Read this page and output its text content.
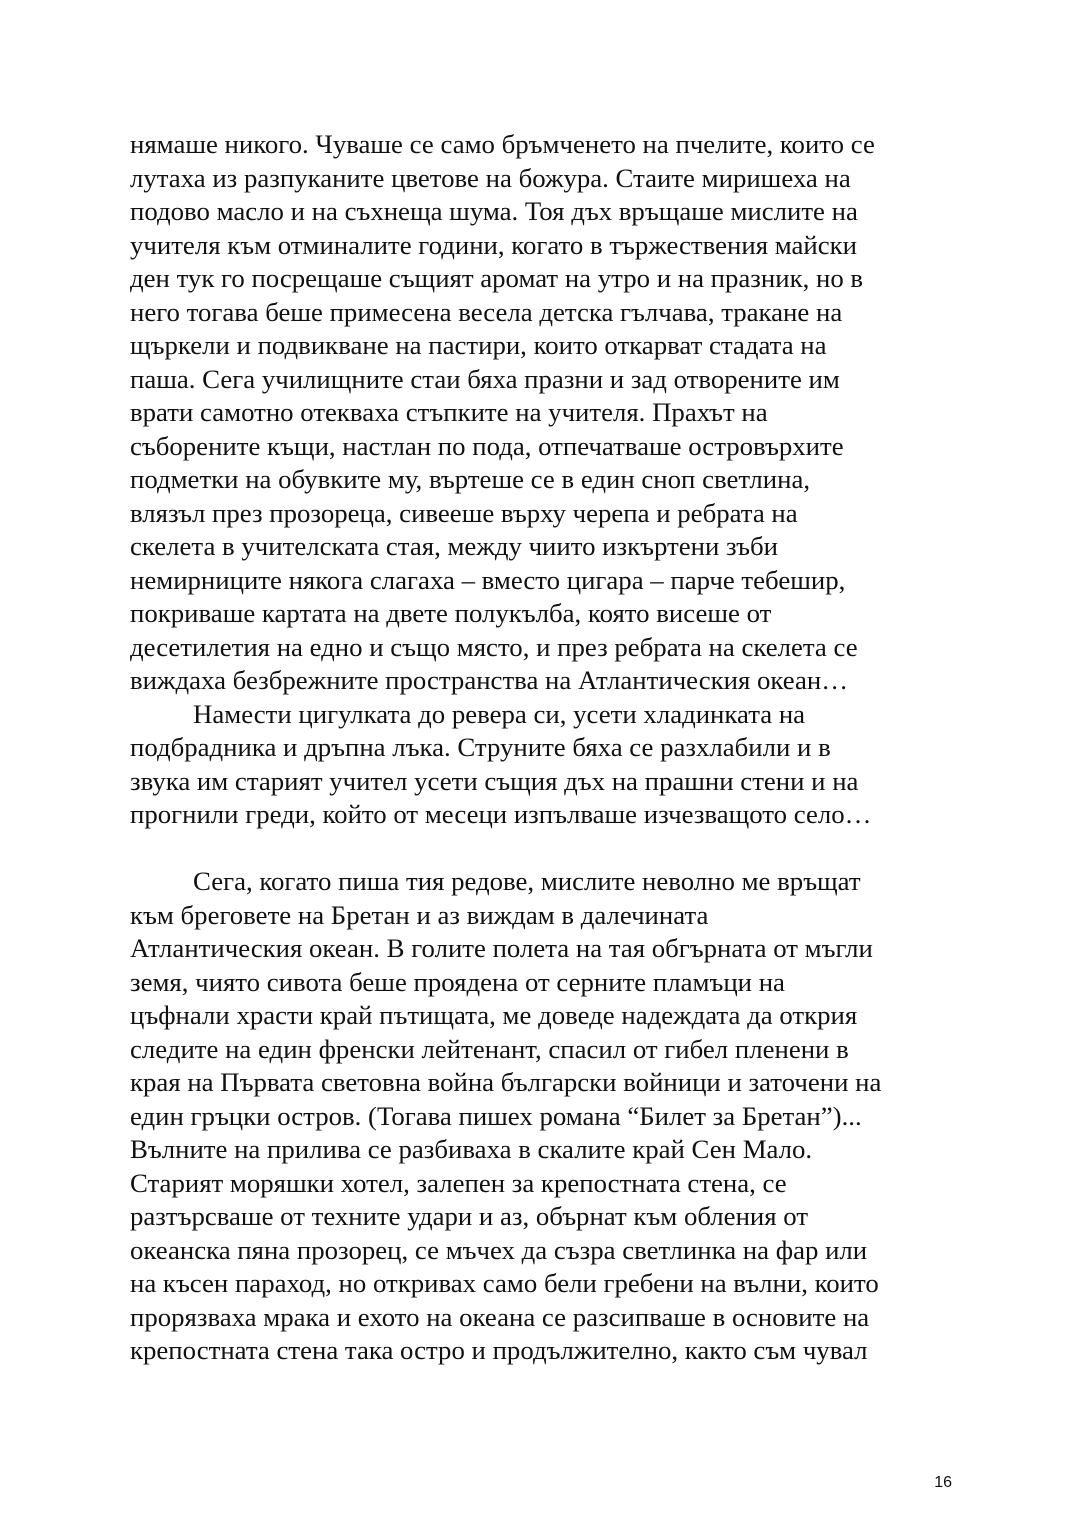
нямаше никого. Чуваше се само бръмченето на пчелите, които се
лутаха из разпуканите цветове на божура. Стаите миришеха на
подово масло и на съхнеща шума. Тоя дъх връщаше мислите на
учителя към отминалите години, когато в тържествения майски
ден тук го посрещаше същият аромат на утро и на празник, но в
него тогава беше примесена весела детска гълчава, тракане на
щъркели и подвикване на пастири, които откарват стадата на
паша. Сега училищните стаи бяха празни и зад отворените им
врати самотно отекваха стъпките на учителя. Прахът на
съборените къщи, настлан по пода, отпечатваше островърхите
подметки на обувките му, въртеше се в един сноп светлина,
влязъл през прозореца, сивееше върху черепа и ребрата на
скелета в учителската стая, между чиито изкъртени зъби
немирниците някога слагаха – вместо цигара – парче тебешир,
покриваше картата на двете полукълба, която висеше от
десетилетия на едно и също място, и през ребрата на скелета се
виждаха безбрежните пространства на Атлантическия океан…
Намести цигулката до ревера си, усети хладинката на
подбрадника и дръпна лъка. Струните бяха се разхлабили и в
звука им старият учител усети същия дъх на прашни стени и на
прогнили греди, който от месеци изпълваше изчезващото село…
Сега, когато пиша тия редове, мислите неволно ме връщат
към бреговете на Бретан и аз виждам в далечината
Атлантическия океан. В голите полета на тая обгърната от мъгли
земя, чиято сивота беше проядена от серните пламъци на
цъфнали храсти край пътищата, ме доведе надеждата да открия
следите на един френски лейтенант, спасил от гибел пленени в
края на Първата световна война български войници и заточени на
един гръцки остров. (Тогава пишех романа “Билет за Бретан”)...
Вълните на прилива се разбиваха в скалите край Сен Мало.
Старият моряшки хотел, залепен за крепостната стена, се
разтърсваше от техните удари и аз, обърнат към обления от
океанска пяна прозорец, се мъчех да съзра светлинка на фар или
на късен параход, но откривах само бели гребени на вълни, които
прорязваха мрака и ехото на океана се разсипваше в основите на
крепостната стена така остро и продължително, както съм чувал
16
